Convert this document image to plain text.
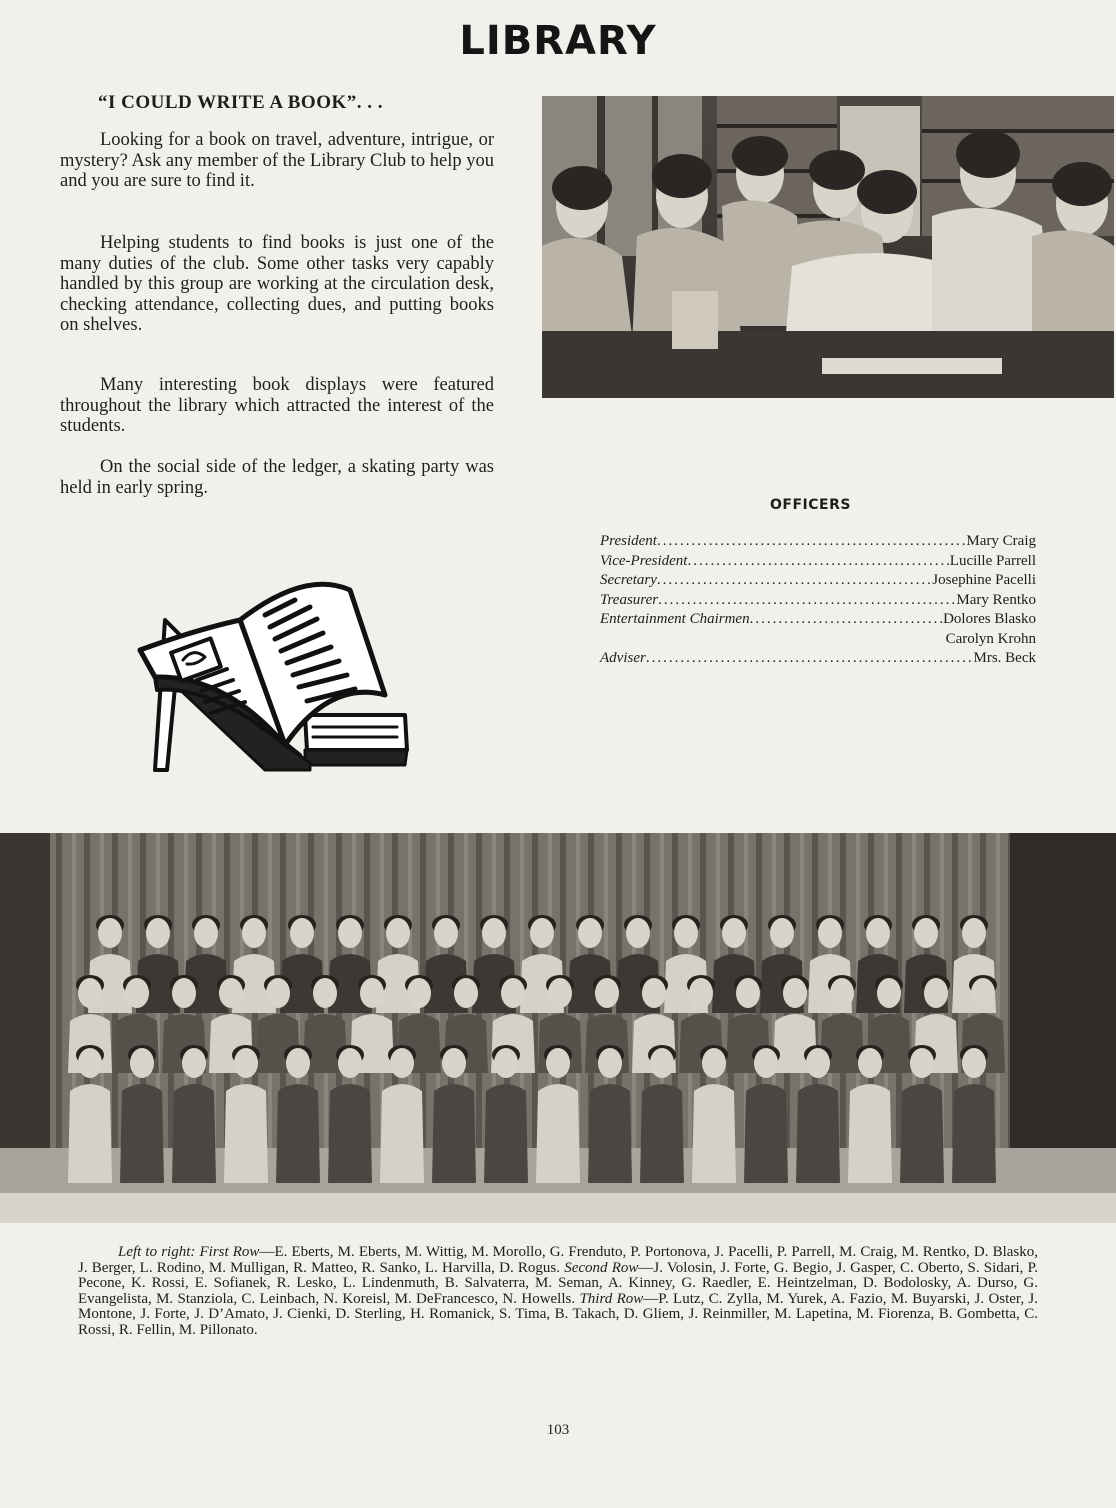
LIBRARY
“I COULD WRITE A BOOK”. . .

Looking for a book on travel, adventure, intrigue, or mystery? Ask any member of the Library Club to help you and you are sure to find it.

Helping students to find books is just one of the many duties of the club. Some other tasks very capably handled by this group are working at the circulation desk, checking attendance, collecting dues, and putting books on shelves.

Many interesting book displays were featured throughout the library which attracted the interest of the students.

On the social side of the ledger, a skating party was held in early spring.

OFFICERS
President .....	Mary Craig
Vice-President .....	Lucille Parrell
Secretary .....	Josephine Pacelli
Treasurer .....	Mary Rentko
Entertainment Chairmen .....	Dolores Blasko
Carolyn Krohn
Adviser .....	Mrs. Beck

Left to right: First Row—E. Eberts, M. Eberts, M. Wittig, M. Morollo, G. Frenduto, P. Portonova, J. Pacelli, P. Parrell, M. Craig, M. Rentko, D. Blasko, J. Berger, L. Rodino, M. Mulligan, R. Matteo, R. Sanko, L. Harvilla, D. Rogus. Second Row—J. Volosin, J. Forte, G. Begio, J. Gasper, C. Oberto, S. Sidari, P. Pecone, K. Rossi, E. Sofianek, R. Lesko, L. Lindenmuth, B. Salvaterra, M. Seman, A. Kinney, G. Raedler, E. Heintzelman, D. Bodolosky, A. Durso, G. Evangelista, M. Stanziola, C. Leinbach, N. Koreisl, M. DeFrancesco, N. Howells. Third Row—P. Lutz, C. Zylla, M. Yurek, A. Fazio, M. Buyarski, J. Oster, J. Montone, J. Forte, J. D’Amato, J. Cienki, D. Sterling, H. Romanick, S. Tima, B. Takach, D. Gliem, J. Reinmiller, M. Lapetina, M. Fiorenza, B. Gombetta, C. Rossi, R. Fellin, M. Pillonato.

103
